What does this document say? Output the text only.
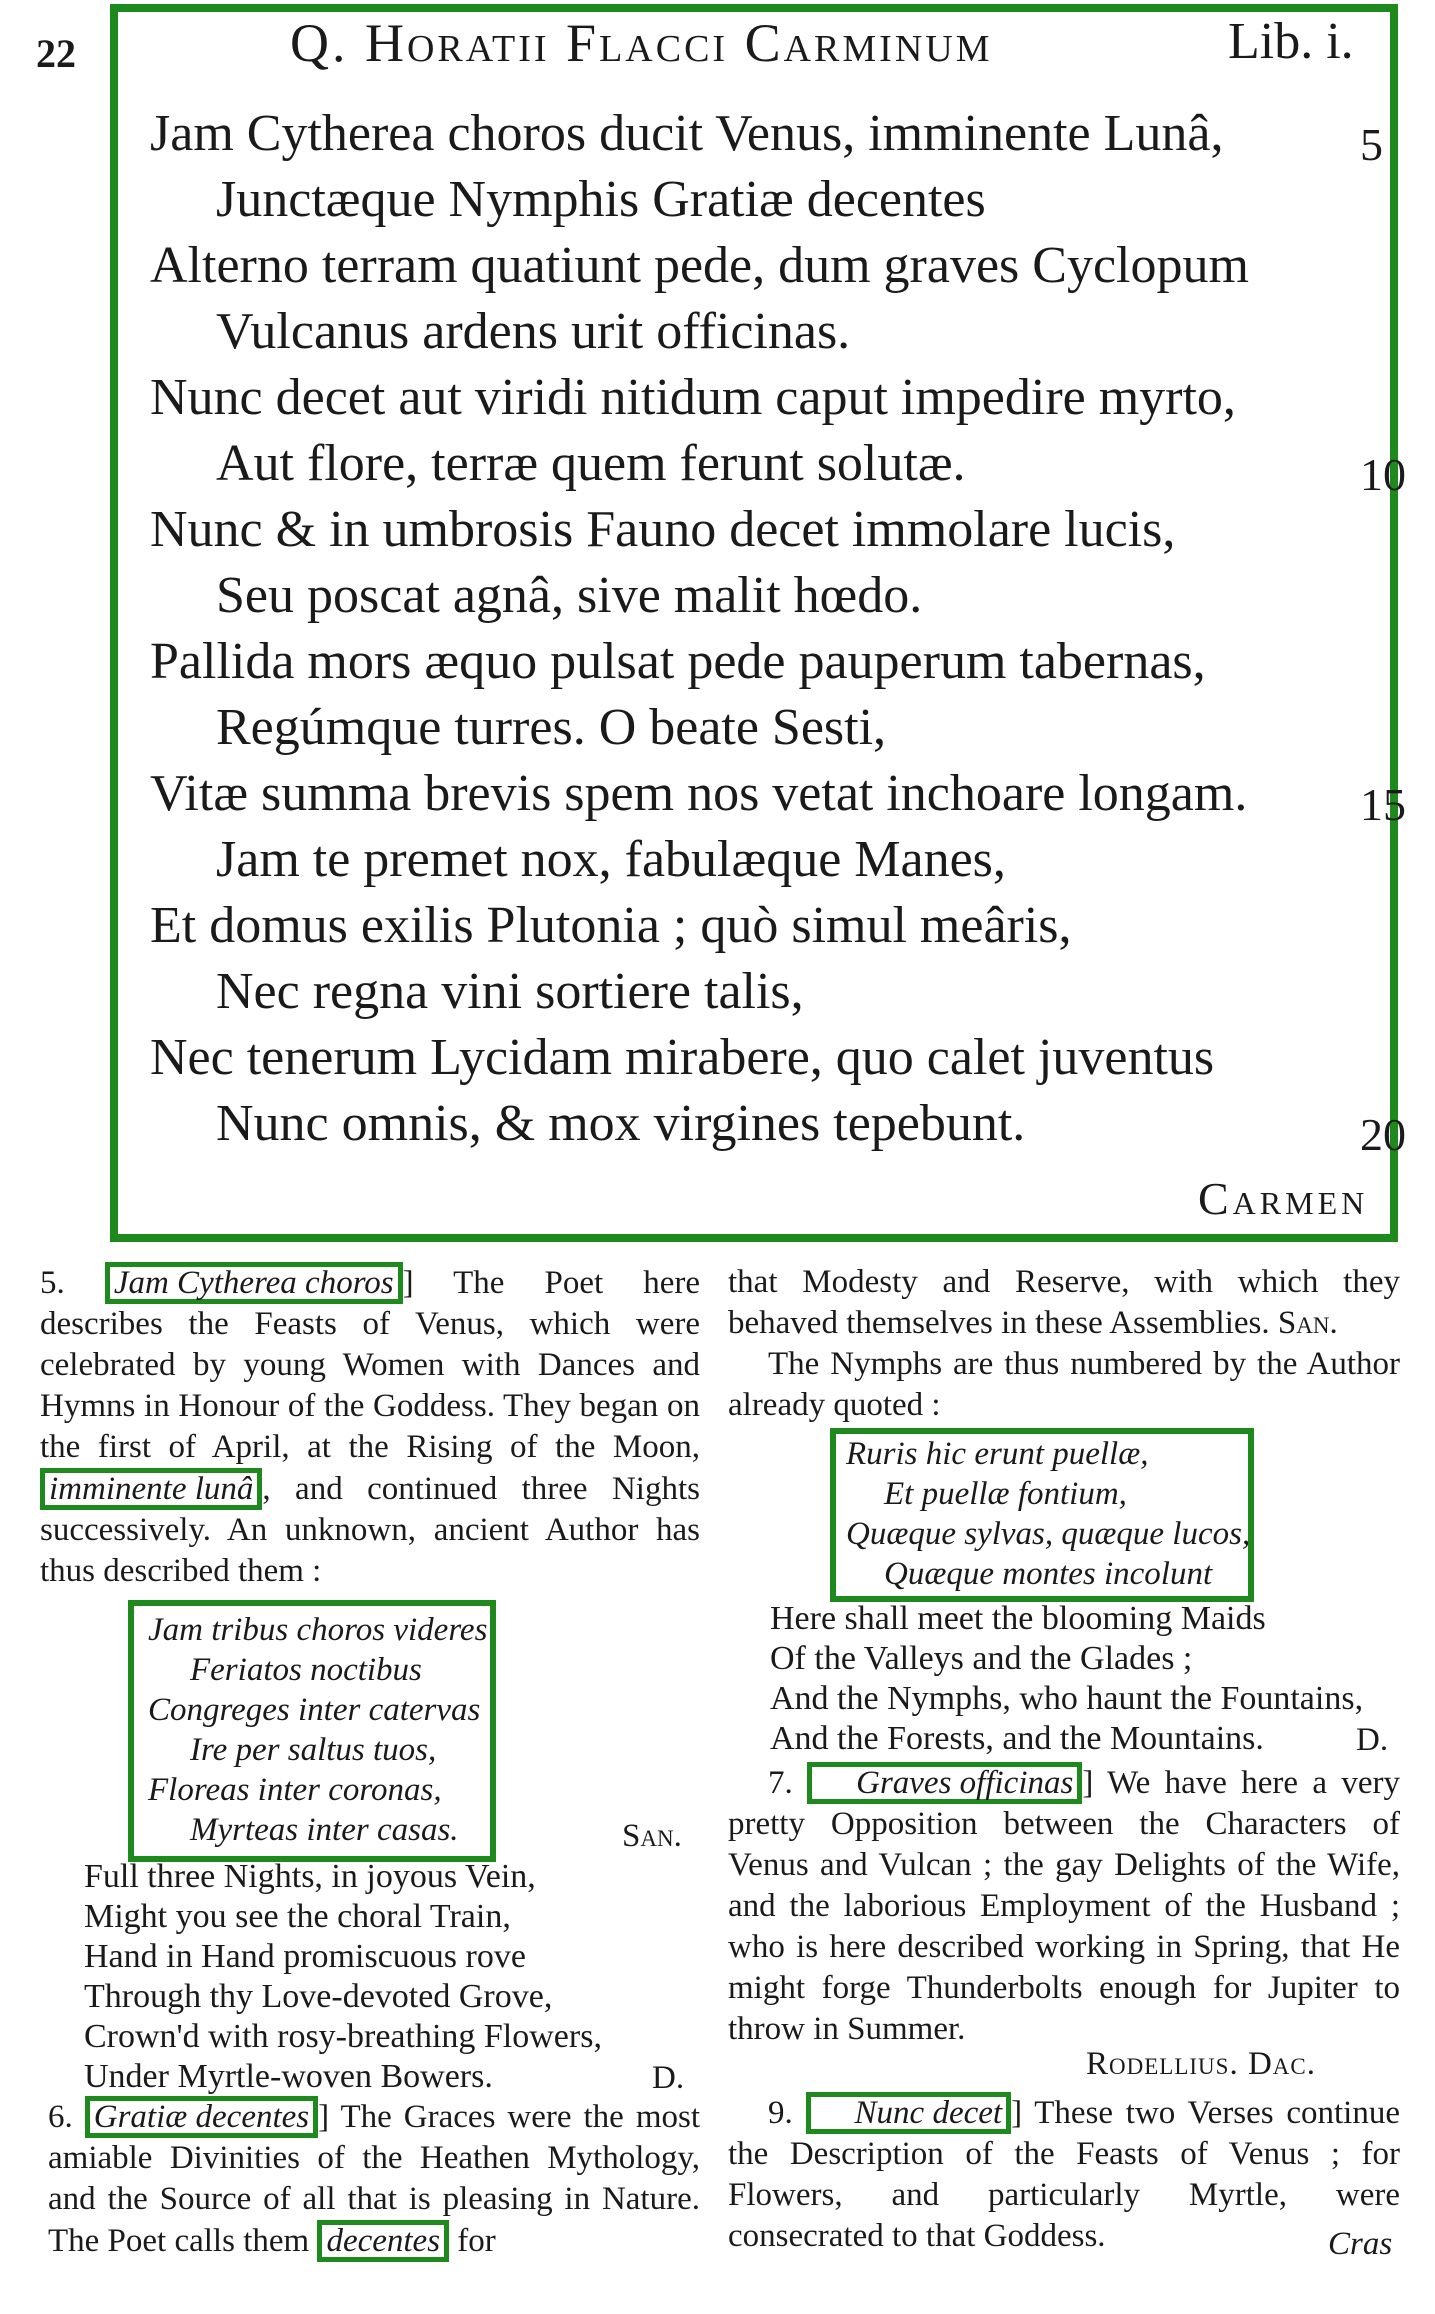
22	Q. Horatii Flacci Carminum	Lib. i.
Jam Cytherea choros ducit Venus, imminente Lunâ,
Junctæque Nymphis Gratiæ decentes
Alterno terram quatiunt pede, dum graves Cyclopum
Vulcanus ardens urit officinas.
Nunc decet aut viridi nitidum caput impedire myrto,
Aut flore, terræ quem ferunt solutæ.
Nunc & in umbrosis Fauno decet immolare lucis,
Seu poscat agnâ, sive malit hœdo.
Pallida mors æquo pulsat pede pauperum tabernas,
Regúmque turres. O beate Sesti,
Vitæ summa brevis spem nos vetat inchoare longam.
Jam te premet nox, fabulæque Manes,
Et domus exilis Plutonia ; quò simul meâris,
Nec regna vini sortiere talis,
Nec tenerum Lycidam mirabere, quo calet juventus
Nunc omnis, & mox virgines tepebunt.
5
10
15
20
Carmen
5. Jam Cytherea choros ] The Poet here describes the Feasts of Venus, which were celebrated by young Women with Dances and Hymns in Honour of the Goddess. They began on the first of April, at the Rising of the Moon, imminente lunâ , and continued three Nights successively. An unknown, ancient Author has thus described them :
Jam tribus choros videres
Feriatos noctibus
Congreges inter catervas
Ire per saltus tuos,
Floreas inter coronas,
Myrteas inter casas.	San.
Full three Nights, in joyous Vein,
Might you see the choral Train,
Hand in Hand promiscuous rove
Through thy Love-devoted Grove,
Crown'd with rosy-breathing Flowers,
Under Myrtle-woven Bowers.	D.
6. Gratiæ decentes ] The Graces were the most amiable Divinities of the Heathen Mythology, and the Source of all that is pleasing in Nature. The Poet calls them decentes for
that Modesty and Reserve, with which they behaved themselves in these Assemblies. San.
The Nymphs are thus numbered by the Author already quoted :
Ruris hic erunt puellæ,
Et puellæ fontium,
Quæque sylvas, quæque lucos,
Quæque montes incolunt
Here shall meet the blooming Maids
Of the Valleys and the Glades ;
And the Nymphs, who haunt the Fountains,
And the Forests, and the Mountains.	D.
7. Graves officinas ] We have here a very pretty Opposition between the Characters of Venus and Vulcan ; the gay Delights of the Wife, and the laborious Employment of the Husband ; who is here described working in Spring, that He might forge Thunderbolts enough for Jupiter to throw in Summer.
Rodellius. Dac.
9. Nunc decet ] These two Verses continue the Description of the Feasts of Venus ; for Flowers, and particularly Myrtle, were consecrated to that Goddess.	Cras
